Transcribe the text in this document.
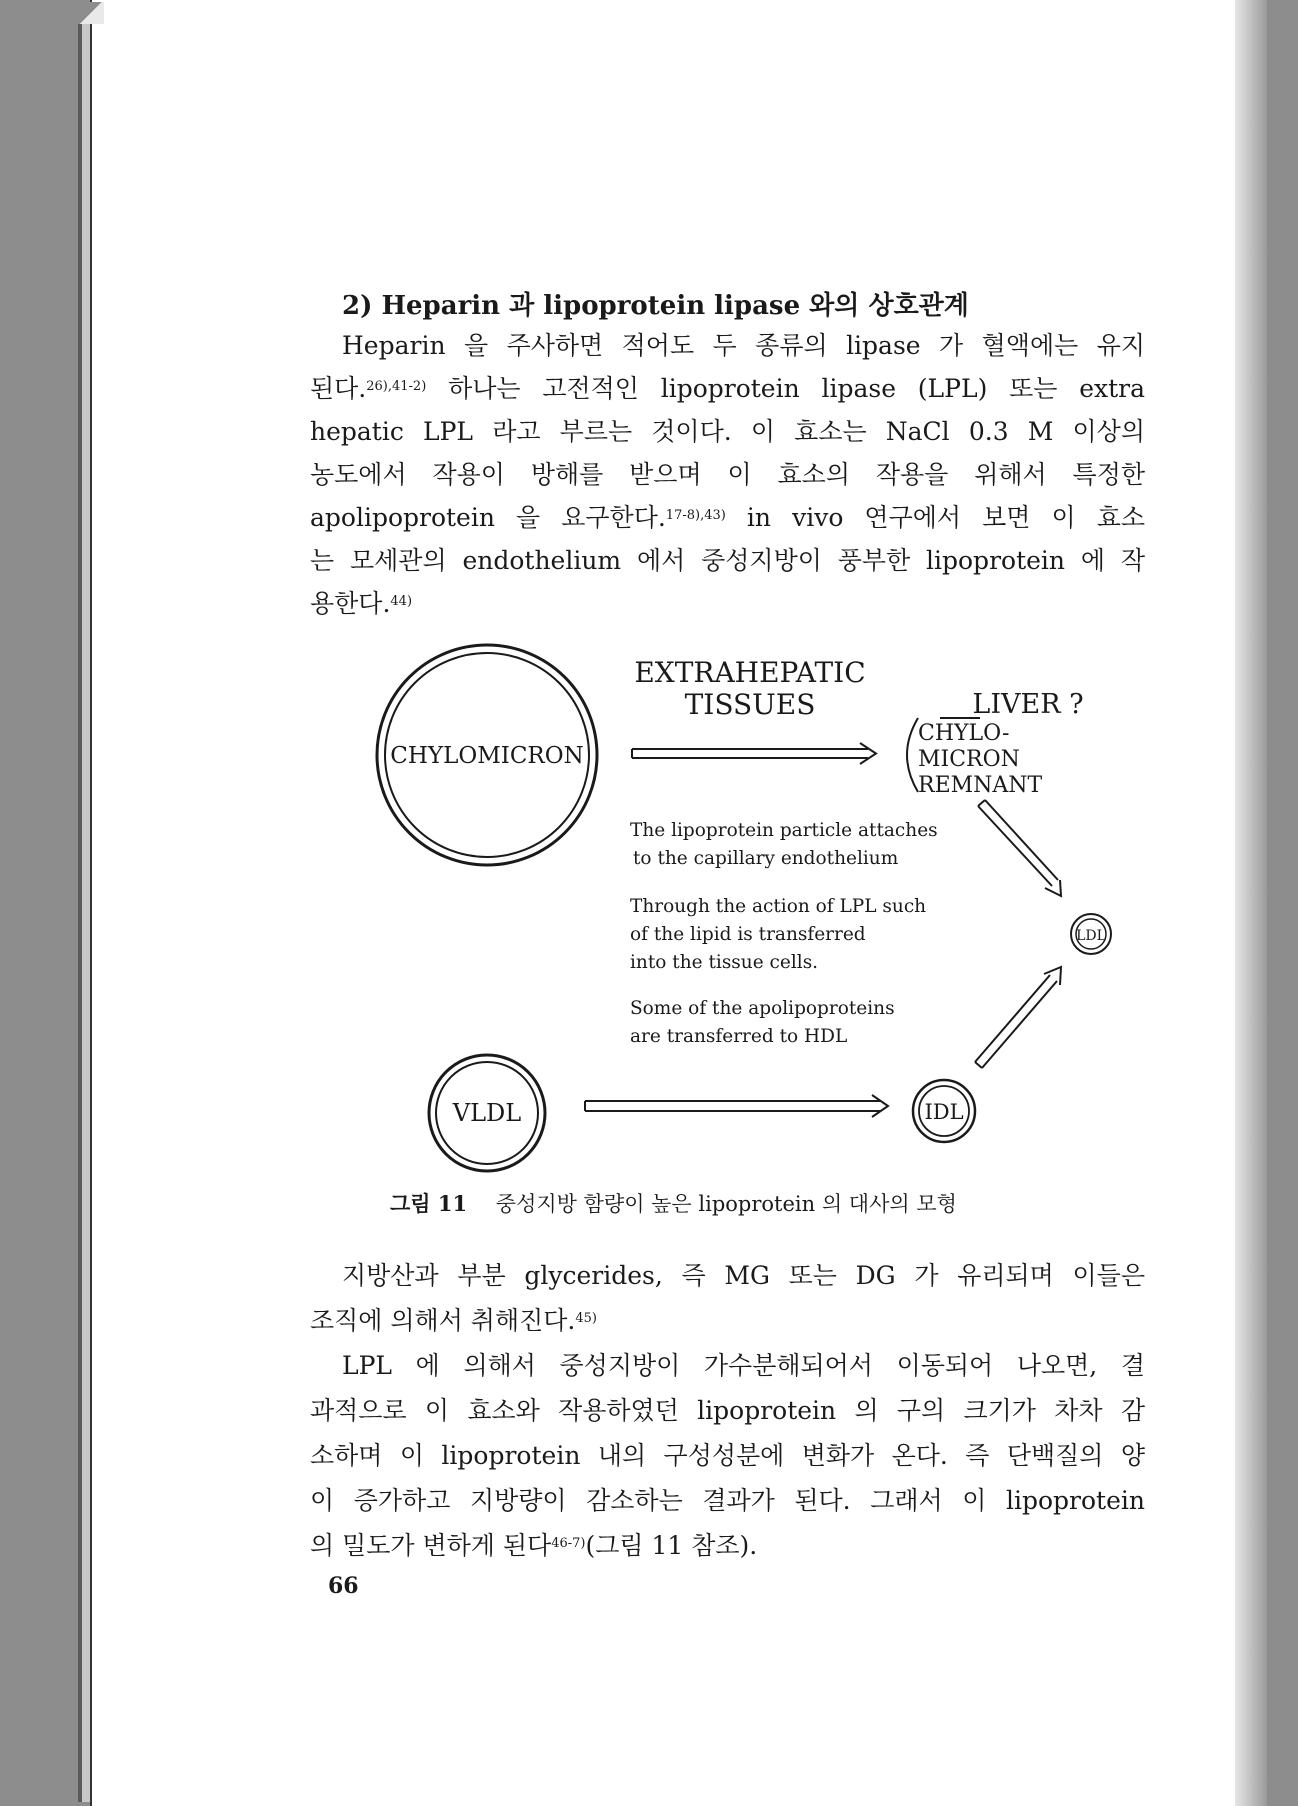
2) Heparin 과 lipoprotein lipase 와의 상호관계
Heparin 을 주사하면 적어도 두 종류의 lipase 가 혈액에는 유지
된다.$^{26),41-2)}$ 하나는 고전적인 lipoprotein lipase (LPL) 또는 extra
hepatic LPL 라고 부르는 것이다. 이 효소는 NaCl 0.3 M 이상의
농도에서 작용이 방해를 받으며 이 효소의 작용을 위해서 특정한
apolipoprotein 을 요구한다.$^{17-8),43)}$ in vivo 연구에서 보면 이 효소
는 모세관의 endothelium 에서 중성지방이 풍부한 lipoprotein 에 작
용한다.$^{44)}$
CHYLOMICRON
EXTRAHEPATIC
TISSUES	LIVER ?
CHYLO-
MICRON
REMNANT
The lipoprotein particle attaches
to the capillary endothelium
Through the action of LPL such
of the lipid is transferred
into the tissue cells.
Some of the apolipoproteins
are transferred to HDL
LDL
VLDL	IDL
그림 11 중성지방 함량이 높은 lipoprotein 의 대사의 모형
지방산과 부분 glycerides, 즉 MG 또는 DG 가 유리되며 이들은
조직에 의해서 취해진다.$^{45)}$
LPL 에 의해서 중성지방이 가수분해되어서 이동되어 나오면, 결
과적으로 이 효소와 작용하였던 lipoprotein 의 구의 크기가 차차 감
소하며 이 lipoprotein 내의 구성성분에 변화가 온다. 즉 단백질의 양
이 증가하고 지방량이 감소하는 결과가 된다. 그래서 이 lipoprotein
의 밀도가 변하게 된다$^{46-7)}$(그림 11 참조).
66
